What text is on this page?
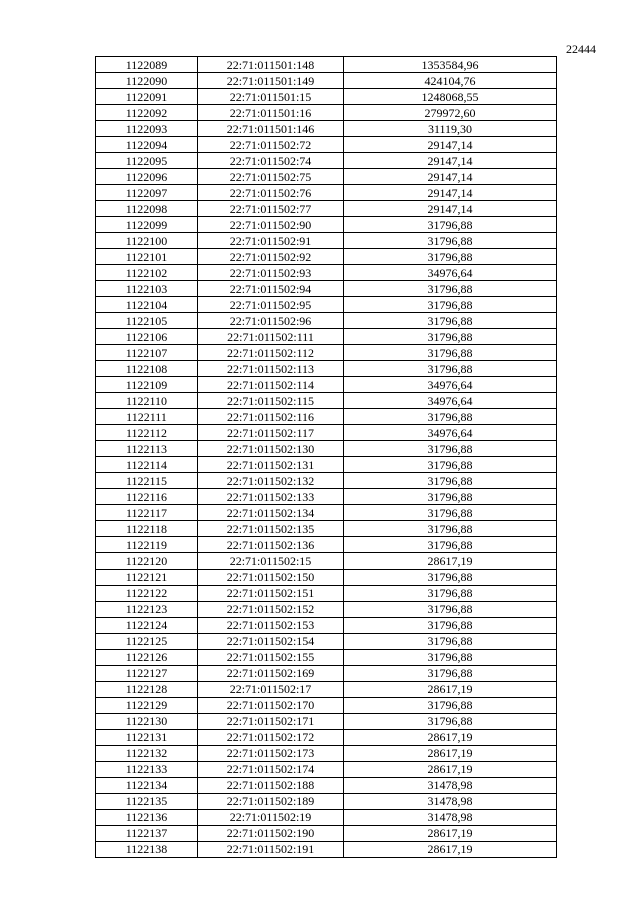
22444
1122089	22:71:011501:148	1353584,96
1122090	22:71:011501:149	424104,76
1122091	22:71:011501:15	1248068,55
1122092	22:71:011501:16	279972,60
1122093	22:71:011501:146	31119,30
1122094	22:71:011502:72	29147,14
1122095	22:71:011502:74	29147,14
1122096	22:71:011502:75	29147,14
1122097	22:71:011502:76	29147,14
1122098	22:71:011502:77	29147,14
1122099	22:71:011502:90	31796,88
1122100	22:71:011502:91	31796,88
1122101	22:71:011502:92	31796,88
1122102	22:71:011502:93	34976,64
1122103	22:71:011502:94	31796,88
1122104	22:71:011502:95	31796,88
1122105	22:71:011502:96	31796,88
1122106	22:71:011502:111	31796,88
1122107	22:71:011502:112	31796,88
1122108	22:71:011502:113	31796,88
1122109	22:71:011502:114	34976,64
1122110	22:71:011502:115	34976,64
1122111	22:71:011502:116	31796,88
1122112	22:71:011502:117	34976,64
1122113	22:71:011502:130	31796,88
1122114	22:71:011502:131	31796,88
1122115	22:71:011502:132	31796,88
1122116	22:71:011502:133	31796,88
1122117	22:71:011502:134	31796,88
1122118	22:71:011502:135	31796,88
1122119	22:71:011502:136	31796,88
1122120	22:71:011502:15	28617,19
1122121	22:71:011502:150	31796,88
1122122	22:71:011502:151	31796,88
1122123	22:71:011502:152	31796,88
1122124	22:71:011502:153	31796,88
1122125	22:71:011502:154	31796,88
1122126	22:71:011502:155	31796,88
1122127	22:71:011502:169	31796,88
1122128	22:71:011502:17	28617,19
1122129	22:71:011502:170	31796,88
1122130	22:71:011502:171	31796,88
1122131	22:71:011502:172	28617,19
1122132	22:71:011502:173	28617,19
1122133	22:71:011502:174	28617,19
1122134	22:71:011502:188	31478,98
1122135	22:71:011502:189	31478,98
1122136	22:71:011502:19	31478,98
1122137	22:71:011502:190	28617,19
1122138	22:71:011502:191	28617,19
